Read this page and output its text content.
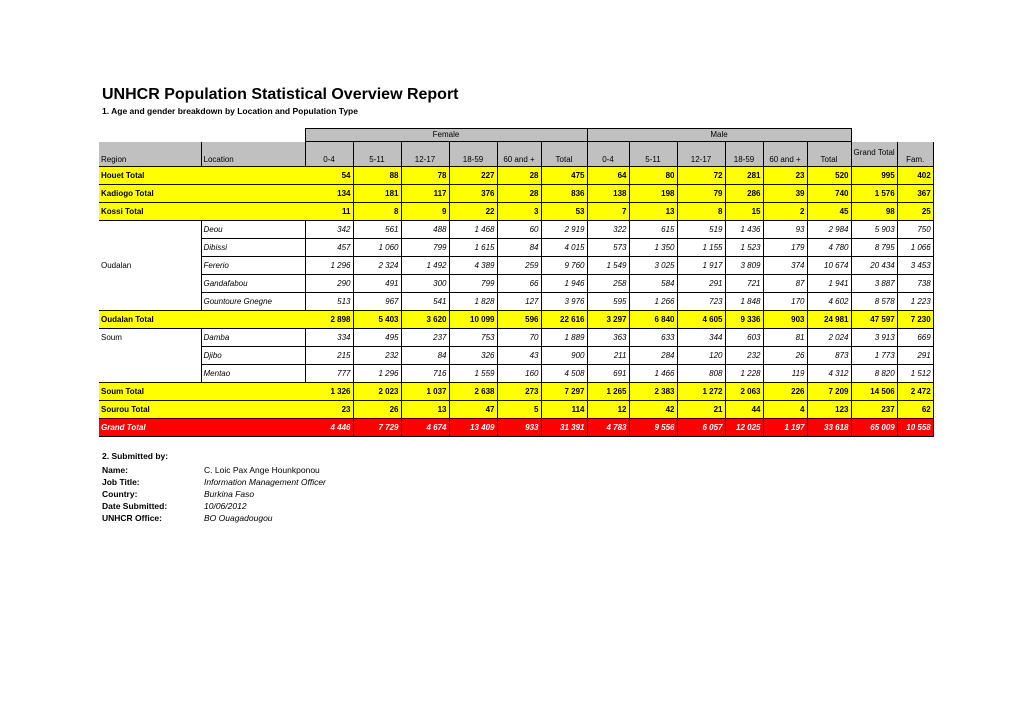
UNHCR Population Statistical Overview Report
1. Age and gender breakdown by Location and Population Type
		Female						Male							
Region	Location	0-4	5-11	12-17	18-59	60 and +	Total	0-4	5-11	12-17	18-59	60 and +	Total	Grand Total	Fam.
Houet Total		54	88	78	227	28	475	64	80	72	281	23	520	995	402
Kadiogo Total		134	181	117	376	28	836	138	198	79	286	39	740	1 576	367
Kossi Total		11	8	9	22	3	53	7	13	8	15	2	45	98	25
	Deou	342	561	488	1 468	60	2 919	322	615	519	1 436	93	2 984	5 903	750
	Dibissi	457	1 060	799	1 615	84	4 015	573	1 350	1 155	1 523	179	4 780	8 795	1 066
Oudalan	Fererio	1 296	2 324	1 492	4 389	259	9 760	1 549	3 025	1 917	3 809	374	10 674	20 434	3 453
	Gandafabou	290	491	300	799	66	1 946	258	584	291	721	87	1 941	3 887	738
	Gountoure Gnegne	513	967	541	1 828	127	3 976	595	1 266	723	1 848	170	4 602	8 578	1 223
Oudalan Total		2 898	5 403	3 620	10 099	596	22 616	3 297	6 840	4 605	9 336	903	24 981	47 597	7 230
Soum	Damba	334	495	237	753	70	1 889	363	633	344	603	81	2 024	3 913	669
	Djibo	215	232	84	326	43	900	211	284	120	232	26	873	1 773	291
	Mentao	777	1 296	716	1 559	160	4 508	691	1 466	808	1 228	119	4 312	8 820	1 512
Soum Total		1 326	2 023	1 037	2 638	273	7 297	1 265	2 383	1 272	2 063	226	7 209	14 506	2 472
Sourou Total		23	26	13	47	5	114	12	42	21	44	4	123	237	62
Grand Total		4 446	7 729	4 674	13 409	933	31 391	4 783	9 556	6 057	12 025	1 197	33 618	65 009	10 558
2. Submitted by:
Name:	C. Loic Pax Ange Hounkponou
Job Title:	Information Management Officer
Country:	Burkina Faso
Date Submitted:	10/06/2012
UNHCR Office:	BO Ouagadougou
